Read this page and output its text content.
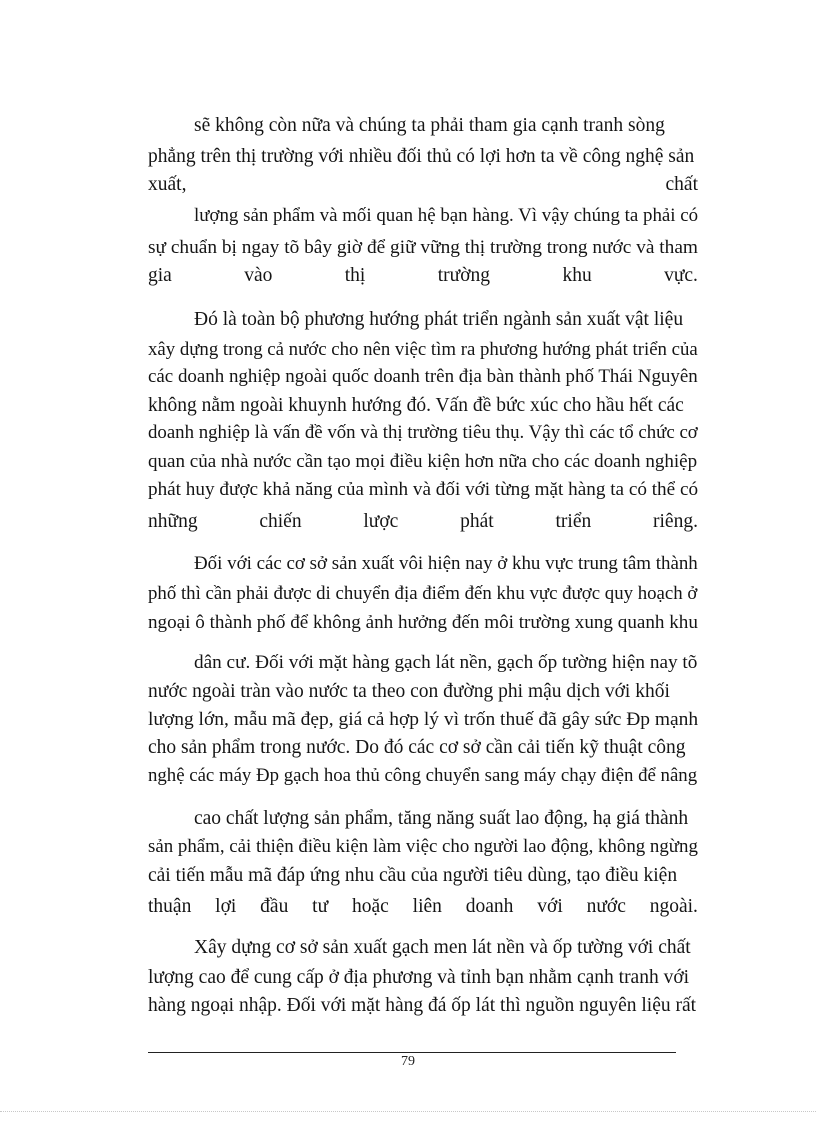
sẽ không còn nữa và chúng ta phải tham gia cạnh tranh sòng
phẳng trên thị trường với nhiều đối thủ có lợi hơn ta về công nghệ sản
xuất,	chất
lượng sản phẩm và mối quan hệ bạn hàng. Vì vậy chúng ta phải có
sự chuẩn bị ngay tõ bây giờ để giữ vững thị trường trong nước và tham
gia	vào	thị	trường	khu	vực.
Đó là toàn bộ phương hướng phát triển ngành sản xuất vật liệu
xây dựng trong cả nước cho nên việc tìm ra phương hướng phát triển của
các doanh nghiệp ngoài quốc doanh trên địa bàn thành phố Thái Nguyên
không nằm ngoài khuynh hướng đó. Vấn đề bức xúc cho hầu hết các
doanh nghiệp là vấn đề vốn và thị trường tiêu thụ. Vậy thì các tổ chức cơ
quan của nhà nước cần tạo mọi điều kiện hơn nữa cho các doanh nghiệp
phát huy được khả năng của mình và đối với từng mặt hàng ta có thể có
những	chiến	lược	phát	triển	riêng.
Đối với các cơ sở sản xuất vôi hiện nay ở khu vực trung tâm thành
phố thì cần phải được di chuyển địa điểm đến khu vực được quy hoạch ở
ngoại ô thành phố để không ảnh hưởng đến môi trường xung quanh khu
dân cư. Đối với mặt hàng gạch lát nền, gạch ốp tường hiện nay tõ
nước ngoài tràn vào nước ta theo con đường phi mậu dịch với khối
lượng lớn, mẫu mã đẹp, giá cả hợp lý vì trốn thuế đã gây sức Ðp mạnh
cho sản phẩm trong nước. Do đó các cơ sở cần cải tiến kỹ thuật công
nghệ các máy Ðp gạch hoa thủ công chuyển sang máy chạy điện để nâng
cao chất lượng sản phẩm, tăng năng suất lao động, hạ giá thành
sản phẩm, cải thiện điều kiện làm việc cho người lao động, không ngừng
cải tiến mẫu mã đáp ứng nhu cầu của người tiêu dùng, tạo điều kiện
thuận lợi đầu tư hoặc liên doanh với nước ngoài.
Xây dựng cơ sở sản xuất gạch men lát nền và ốp tường với chất
lượng cao để cung cấp ở địa phương và tỉnh bạn nhằm cạnh tranh với
hàng ngoại nhập. Đối với mặt hàng đá ốp lát thì nguồn nguyên liệu rất
79
